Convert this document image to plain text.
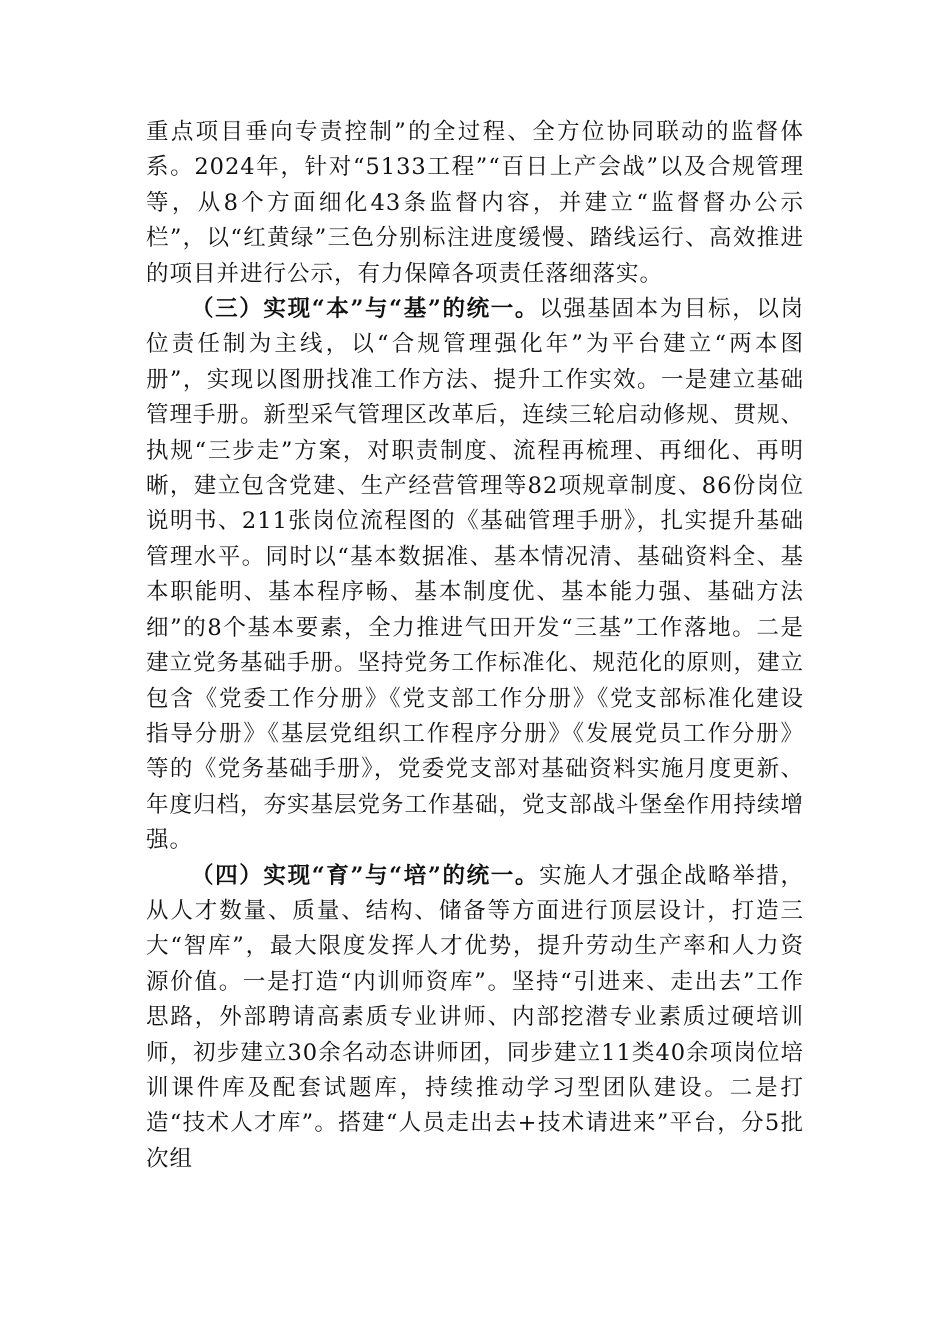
重点项目垂向专责控制”的全过程、全方位协同联动的监督体系。2024年，针对“5133工程”“百日上产会战”以及合规管理等，从8个方面细化43条监督内容，并建立“监督督办公示栏”，以“红黄绿”三色分别标注进度缓慢、踏线运行、高效推进的项目并进行公示，有力保障各项责任落细落实。

（三）实现“本”与“基”的统一。以强基固本为目标，以岗位责任制为主线，以“合规管理强化年”为平台建立“两本图册”，实现以图册找准工作方法、提升工作实效。一是建立基础管理手册。新型采气管理区改革后，连续三轮启动修规、贯规、执规“三步走”方案，对职责制度、流程再梳理、再细化、再明晰，建立包含党建、生产经营管理等82项规章制度、86份岗位说明书、211张岗位流程图的《基础管理手册》，扎实提升基础管理水平。同时以“基本数据准、基本情况清、基础资料全、基本职能明、基本程序畅、基本制度优、基本能力强、基础方法细”的8个基本要素，全力推进气田开发“三基”工作落地。二是建立党务基础手册。坚持党务工作标准化、规范化的原则，建立包含《党委工作分册》《党支部工作分册》《党支部标准化建设指导分册》《基层党组织工作程序分册》《发展党员工作分册》等的《党务基础手册》，党委党支部对基础资料实施月度更新、年度归档，夯实基层党务工作基础，党支部战斗堡垒作用持续增强。

（四）实现“育”与“培”的统一。实施人才强企战略举措，从人才数量、质量、结构、储备等方面进行顶层设计，打造三大“智库”，最大限度发挥人才优势，提升劳动生产率和人力资源价值。一是打造“内训师资库”。坚持“引进来、走出去”工作思路，外部聘请高素质专业讲师、内部挖潜专业素质过硬培训师，初步建立30余名动态讲师团，同步建立11类40余项岗位培训课件库及配套试题库，持续推动学习型团队建设。二是打造“技术人才库”。搭建“人员走出去+技术请进来”平台，分5批次组
